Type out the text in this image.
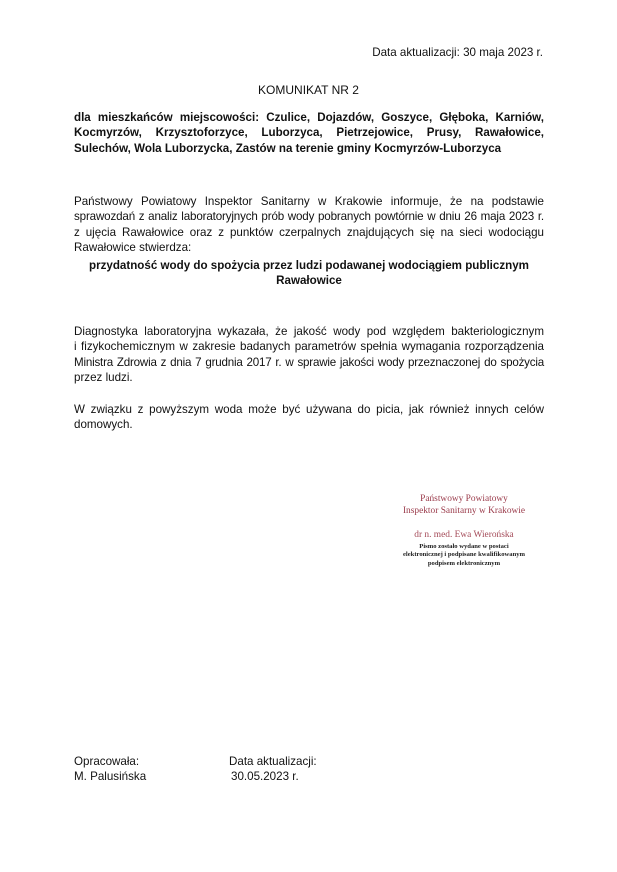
Data aktualizacji: 30 maja 2023 r.
KOMUNIKAT NR 2
dla mieszkańców miejscowości: Czulice, Dojazdów, Goszyce, Głęboka, Karniów,
Kocmyrzów, Krzysztoforzyce, Luborzyca, Pietrzejowice, Prusy, Rawałowice,
Sulechów, Wola Luborzycka, Zastów na terenie gminy Kocmyrzów-Luborzyca
Państwowy Powiatowy Inspektor Sanitarny w Krakowie informuje, że na podstawie
sprawozdań z analiz laboratoryjnych prób wody pobranych powtórnie w dniu 26 maja 2023 r.
z ujęcia Rawałowice oraz z punktów czerpalnych znajdujących się na sieci wodociągu
Rawałowice stwierdza:
przydatność wody do spożycia przez ludzi podawanej wodociągiem publicznym
Rawałowice
Diagnostyka laboratoryjna wykazała, że jakość wody pod względem bakteriologicznym
i fizykochemicznym w zakresie badanych parametrów spełnia wymagania rozporządzenia
Ministra Zdrowia z dnia 7 grudnia 2017 r. w sprawie jakości wody przeznaczonej do spożycia
przez ludzi.
W związku z powyższym woda może być używana do picia, jak również innych celów
domowych.
Państwowy Powiatowy
Inspektor Sanitarny w Krakowie
dr n. med. Ewa Wierońska
Pismo zostało wydane w postaci
elektronicznej i podpisane kwalifikowanym
podpisem elektronicznym
Opracowała:
M. Palusińska
Data aktualizacji:
30.05.2023 r.
